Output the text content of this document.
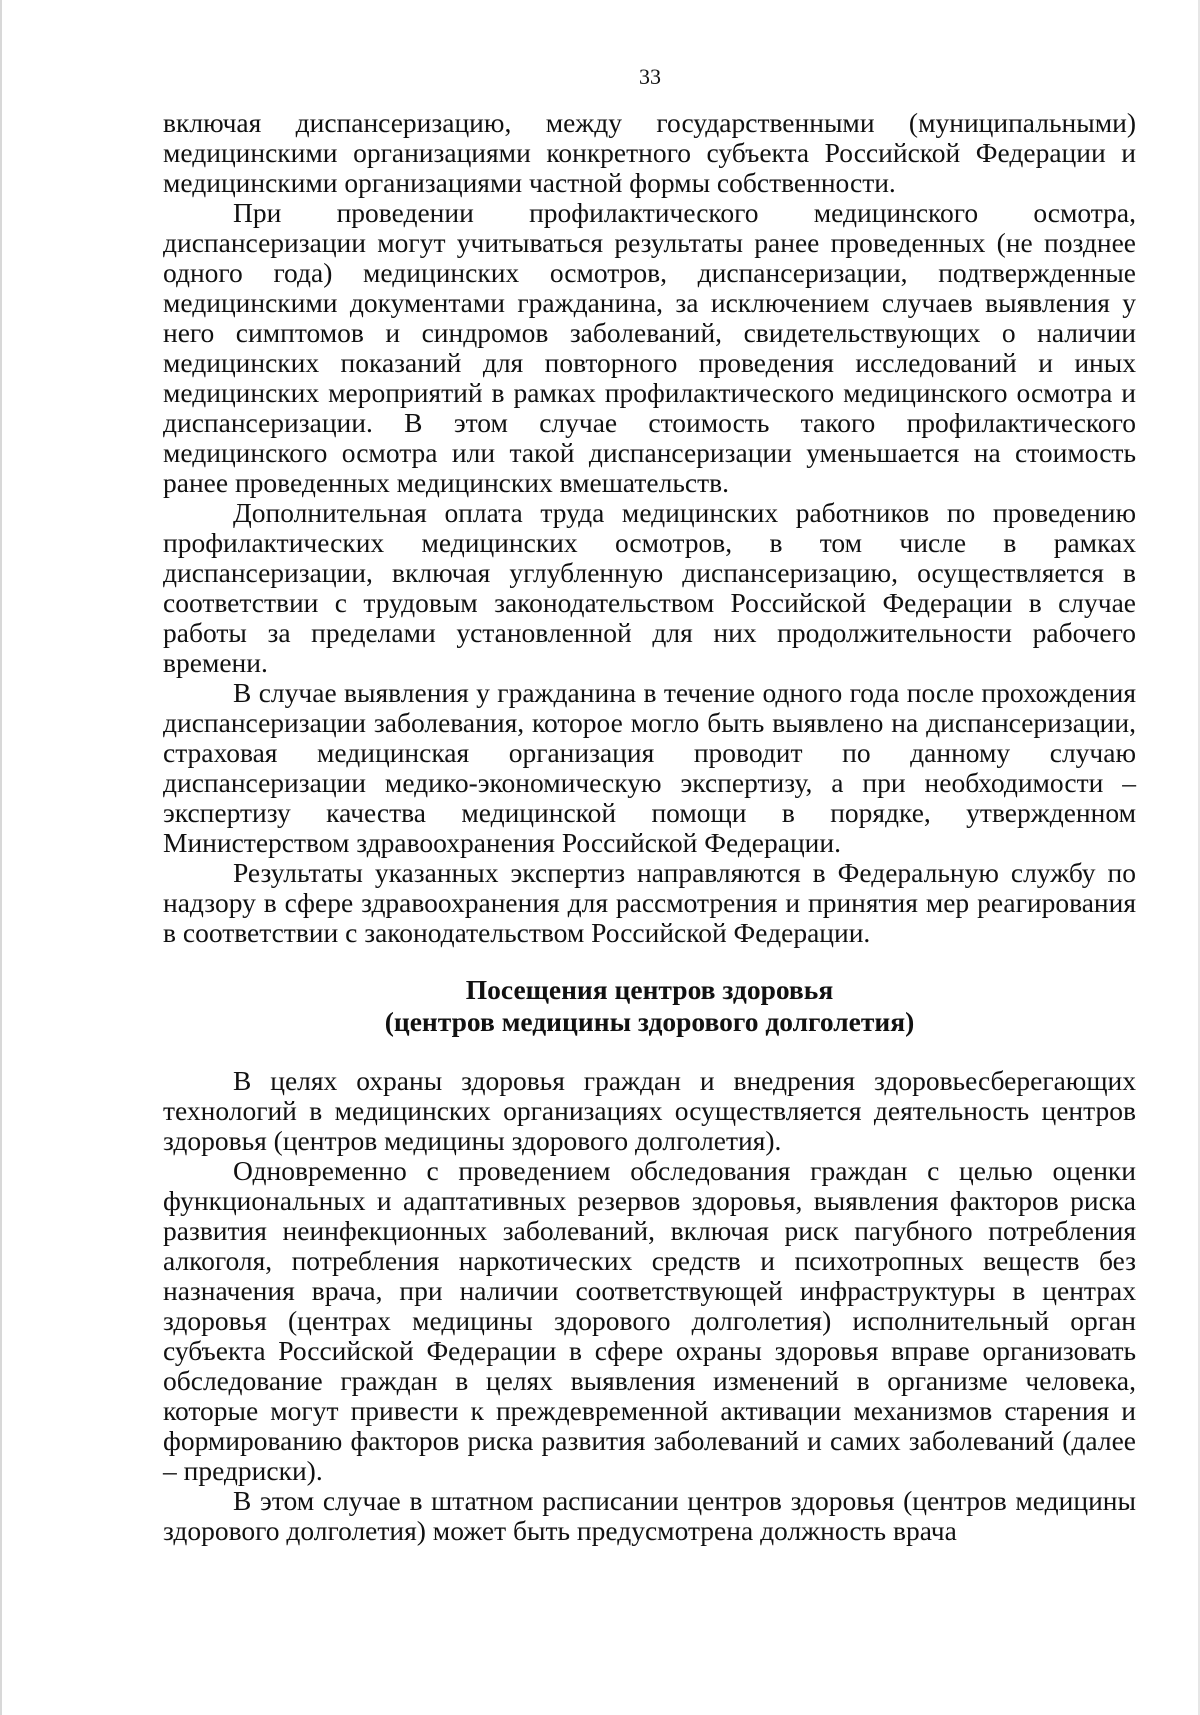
33

включая диспансеризацию, между государственными (муниципальными) медицинскими организациями конкретного субъекта Российской Федерации и медицинскими организациями частной формы собственности.

При проведении профилактического медицинского осмотра, диспансеризации могут учитываться результаты ранее проведенных (не позднее одного года) медицинских осмотров, диспансеризации, подтвержденные медицинскими документами гражданина, за исключением случаев выявления у него симптомов и синдромов заболеваний, свидетельствующих о наличии медицинских показаний для повторного проведения исследований и иных медицинских мероприятий в рамках профилактического медицинского осмотра и диспансеризации. В этом случае стоимость такого профилактического медицинского осмотра или такой диспансеризации уменьшается на стоимость ранее проведенных медицинских вмешательств.

Дополнительная оплата труда медицинских работников по проведению профилактических медицинских осмотров, в том числе в рамках диспансеризации, включая углубленную диспансеризацию, осуществляется в соответствии с трудовым законодательством Российской Федерации в случае работы за пределами установленной для них продолжительности рабочего времени.

В случае выявления у гражданина в течение одного года после прохождения диспансеризации заболевания, которое могло быть выявлено на диспансеризации, страховая медицинская организация проводит по данному случаю диспансеризации медико-экономическую экспертизу, а при необходимости – экспертизу качества медицинской помощи в порядке, утвержденном Министерством здравоохранения Российской Федерации.

Результаты указанных экспертиз направляются в Федеральную службу по надзору в сфере здравоохранения для рассмотрения и принятия мер реагирования в соответствии с законодательством Российской Федерации.

Посещения центров здоровья

(центров медицины здорового долголетия)

В целях охраны здоровья граждан и внедрения здоровьесберегающих технологий в медицинских организациях осуществляется деятельность центров здоровья (центров медицины здорового долголетия).

Одновременно с проведением обследования граждан с целью оценки функциональных и адаптативных резервов здоровья, выявления факторов риска развития неинфекционных заболеваний, включая риск пагубного потребления алкоголя, потребления наркотических средств и психотропных веществ без назначения врача, при наличии соответствующей инфраструктуры в центрах здоровья (центрах медицины здорового долголетия) исполнительный орган субъекта Российской Федерации в сфере охраны здоровья вправе организовать обследование граждан в целях выявления изменений в организме человека, которые могут привести к преждевременной активации механизмов старения и формированию факторов риска развития заболеваний и самих заболеваний (далее – предриски).

В этом случае в штатном расписании центров здоровья (центров медицины здорового долголетия) может быть предусмотрена должность врача
